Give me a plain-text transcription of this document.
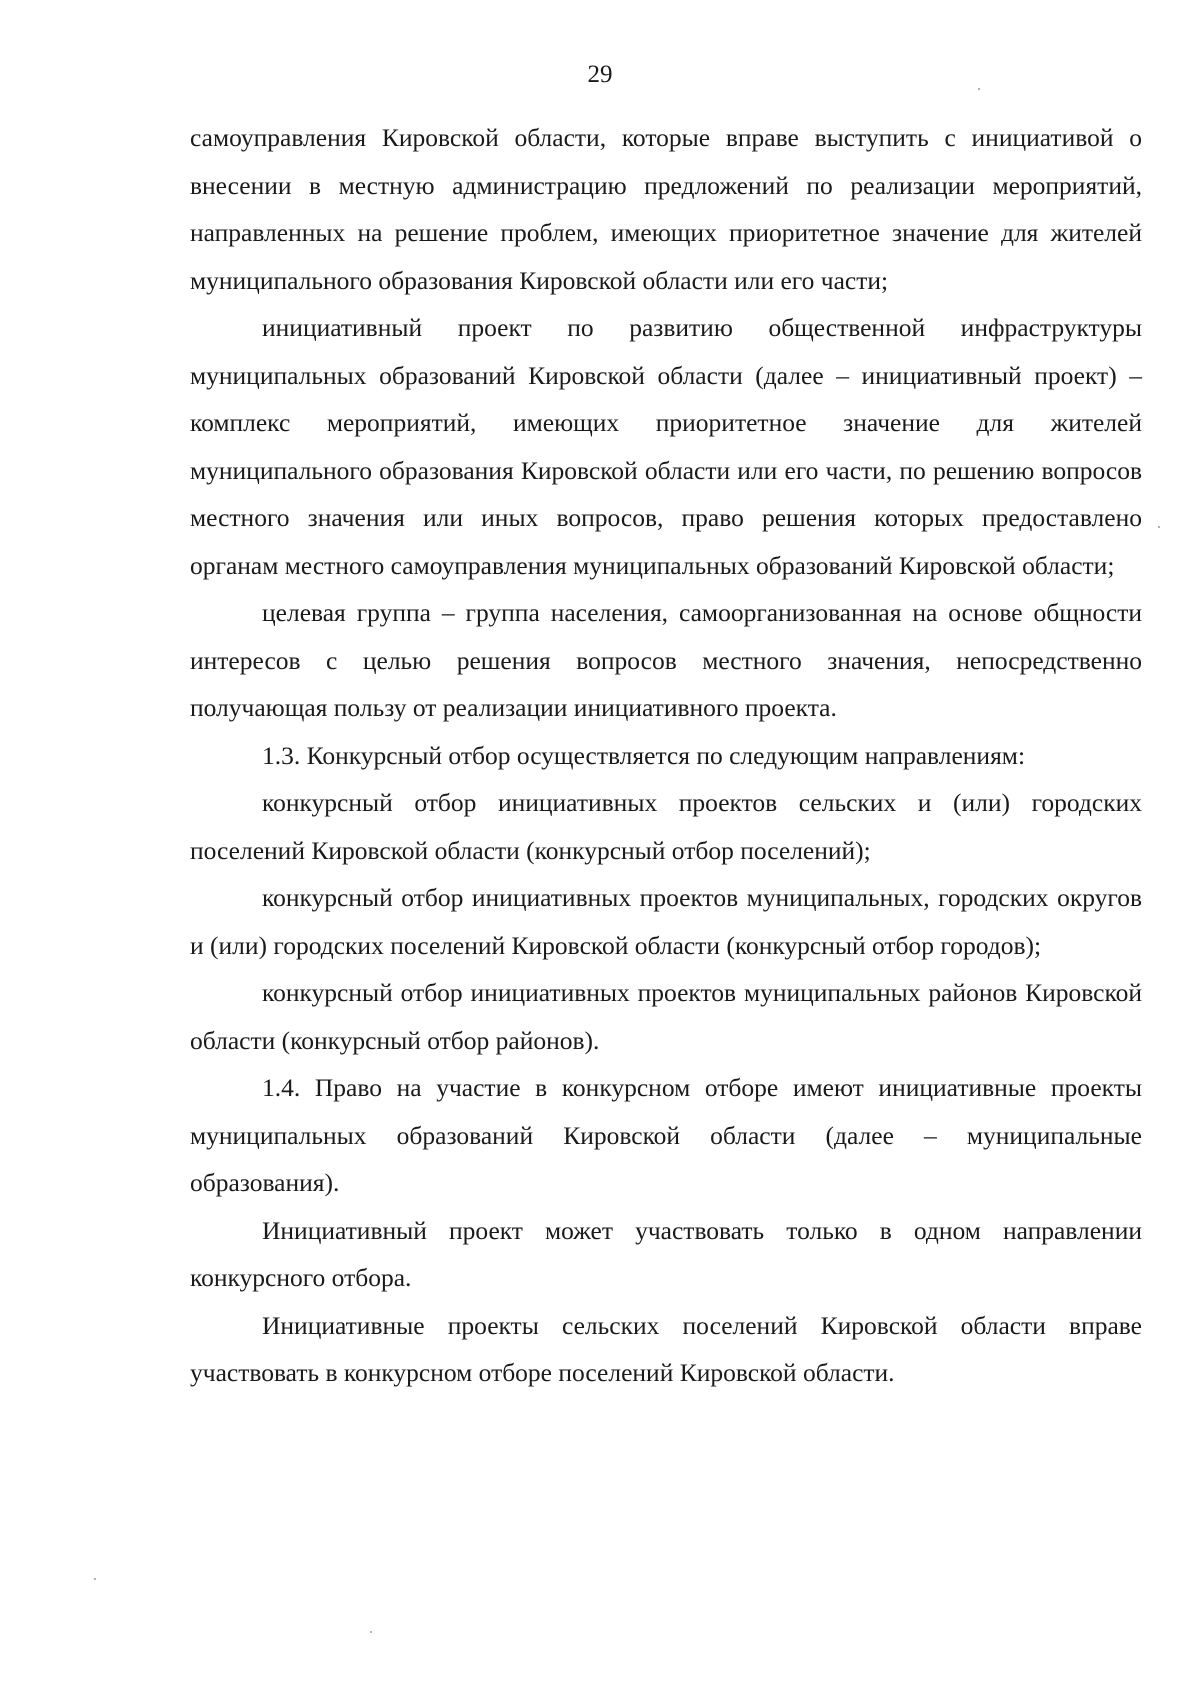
29

самоуправления Кировской области, которые вправе выступить с инициативой о внесении в местную администрацию предложений по реализации мероприятий, направленных на решение проблем, имеющих приоритетное значение для жителей муниципального образования Кировской области или его части;

инициативный проект по развитию общественной инфраструктуры муниципальных образований Кировской области (далее – инициативный проект) – комплекс мероприятий, имеющих приоритетное значение для жителей муниципального образования Кировской области или его части, по решению вопросов местного значения или иных вопросов, право решения которых предоставлено органам местного самоуправления муниципальных образований Кировской области;

целевая группа – группа населения, самоорганизованная на основе общности интересов с целью решения вопросов местного значения, непосредственно получающая пользу от реализации инициативного проекта.

1.3. Конкурсный отбор осуществляется по следующим направлениям:

конкурсный отбор инициативных проектов сельских и (или) городских поселений Кировской области (конкурсный отбор поселений);

конкурсный отбор инициативных проектов муниципальных, городских округов и (или) городских поселений Кировской области (конкурсный отбор городов);

конкурсный отбор инициативных проектов муниципальных районов Кировской области (конкурсный отбор районов).

1.4. Право на участие в конкурсном отборе имеют инициативные проекты муниципальных образований Кировской области (далее – муниципальные образования).

Инициативный проект может участвовать только в одном направлении конкурсного отбора.

Инициативные проекты сельских поселений Кировской области вправе участвовать в конкурсном отборе поселений Кировской области.
